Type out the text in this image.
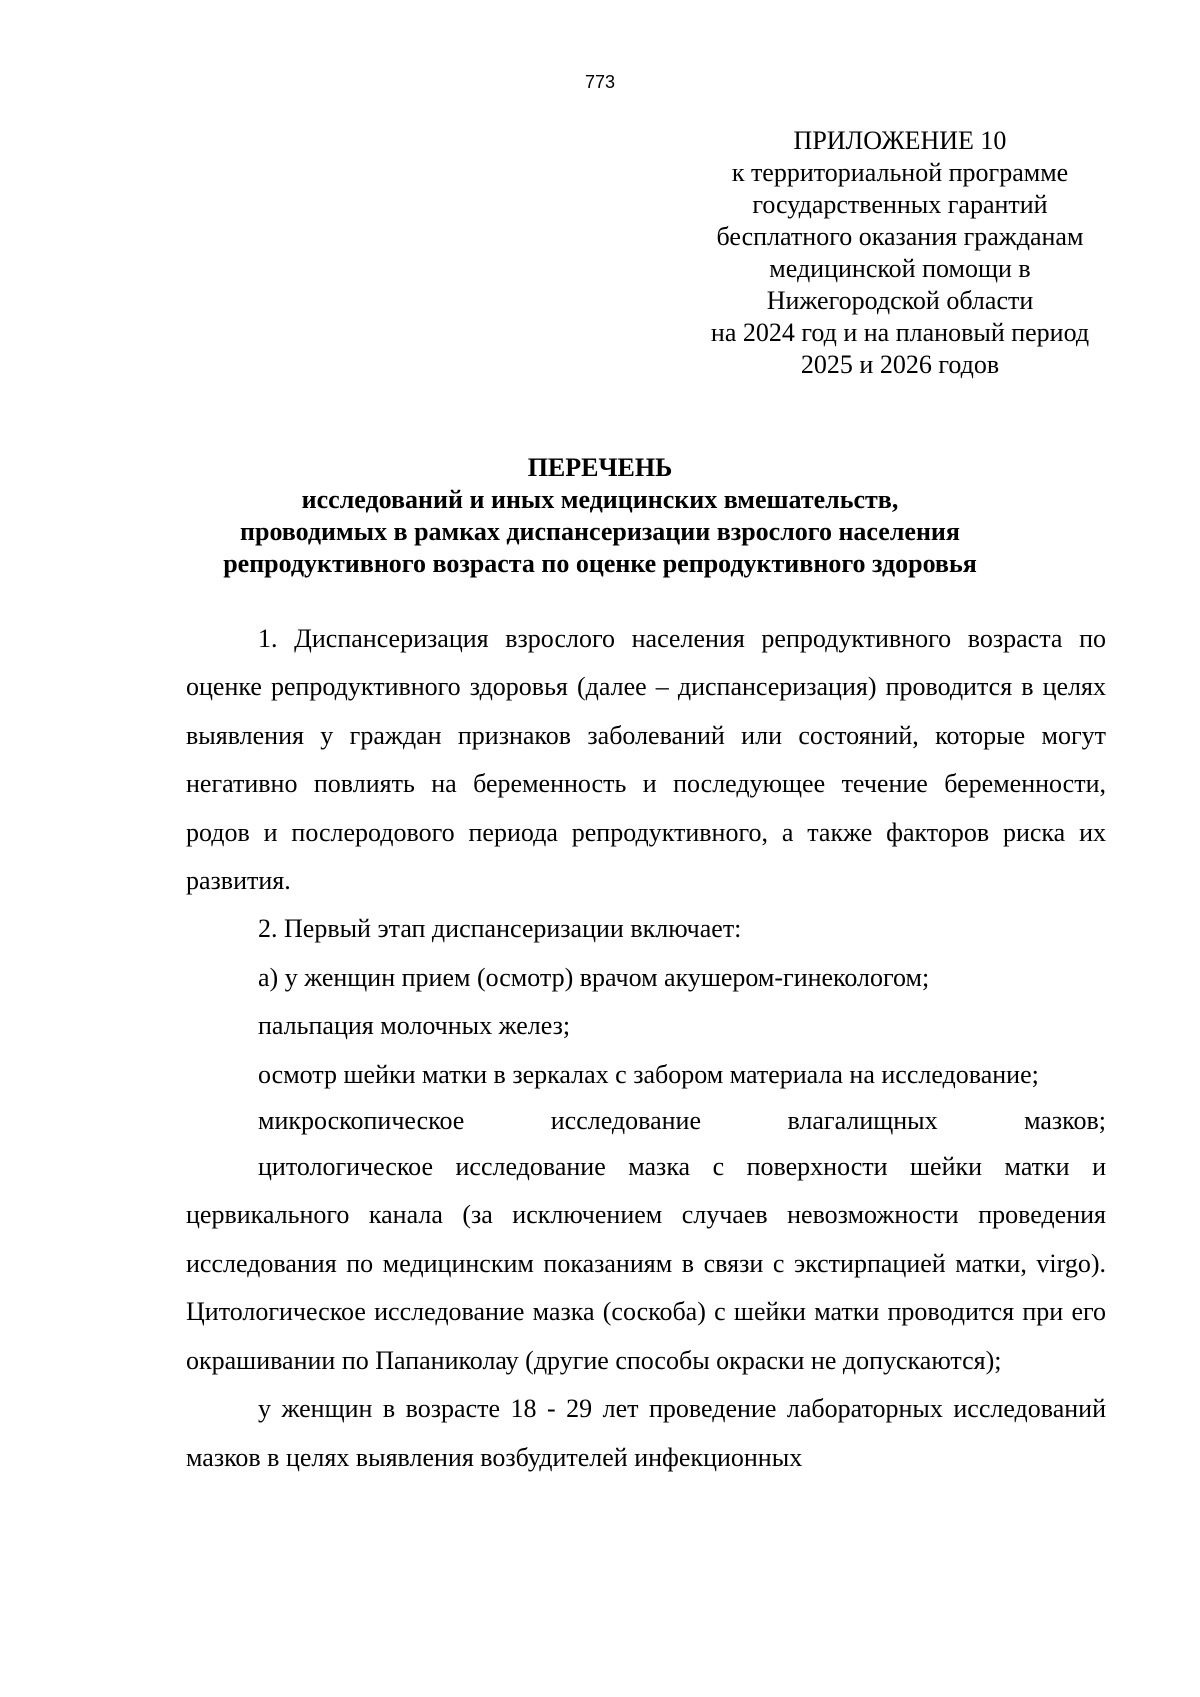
773
ПРИЛОЖЕНИЕ 10
к территориальной программе
государственных гарантий
бесплатного оказания гражданам
медицинской помощи в
Нижегородской области
на 2024 год и на плановый период
2025 и 2026 годов
ПЕРЕЧЕНЬ
исследований и иных медицинских вмешательств,
проводимых в рамках диспансеризации взрослого населения
репродуктивного возраста по оценке репродуктивного здоровья

1. Диспансеризация взрослого населения репродуктивного возраста по оценке репродуктивного здоровья (далее – диспансеризация) проводится в целях выявления у граждан признаков заболеваний или состояний, которые могут негативно повлиять на беременность и последующее течение беременности, родов и послеродового периода репродуктивного, а также факторов риска их развития.

2. Первый этап диспансеризации включает:

а) у женщин прием (осмотр) врачом акушером-гинекологом;

пальпация молочных желез;

осмотр шейки матки в зеркалах с забором материала на исследование;

микроскопическое исследование влагалищных мазков;

цитологическое исследование мазка с поверхности шейки матки и цервикального канала (за исключением случаев невозможности проведения исследования по медицинским показаниям в связи с экстирпацией матки, virgo). Цитологическое исследование мазка (соскоба) с шейки матки проводится при его окрашивании по Папаниколау (другие способы окраски не допускаются);

у женщин в возрасте 18 - 29 лет проведение лабораторных исследований мазков в целях выявления возбудителей инфекционных
